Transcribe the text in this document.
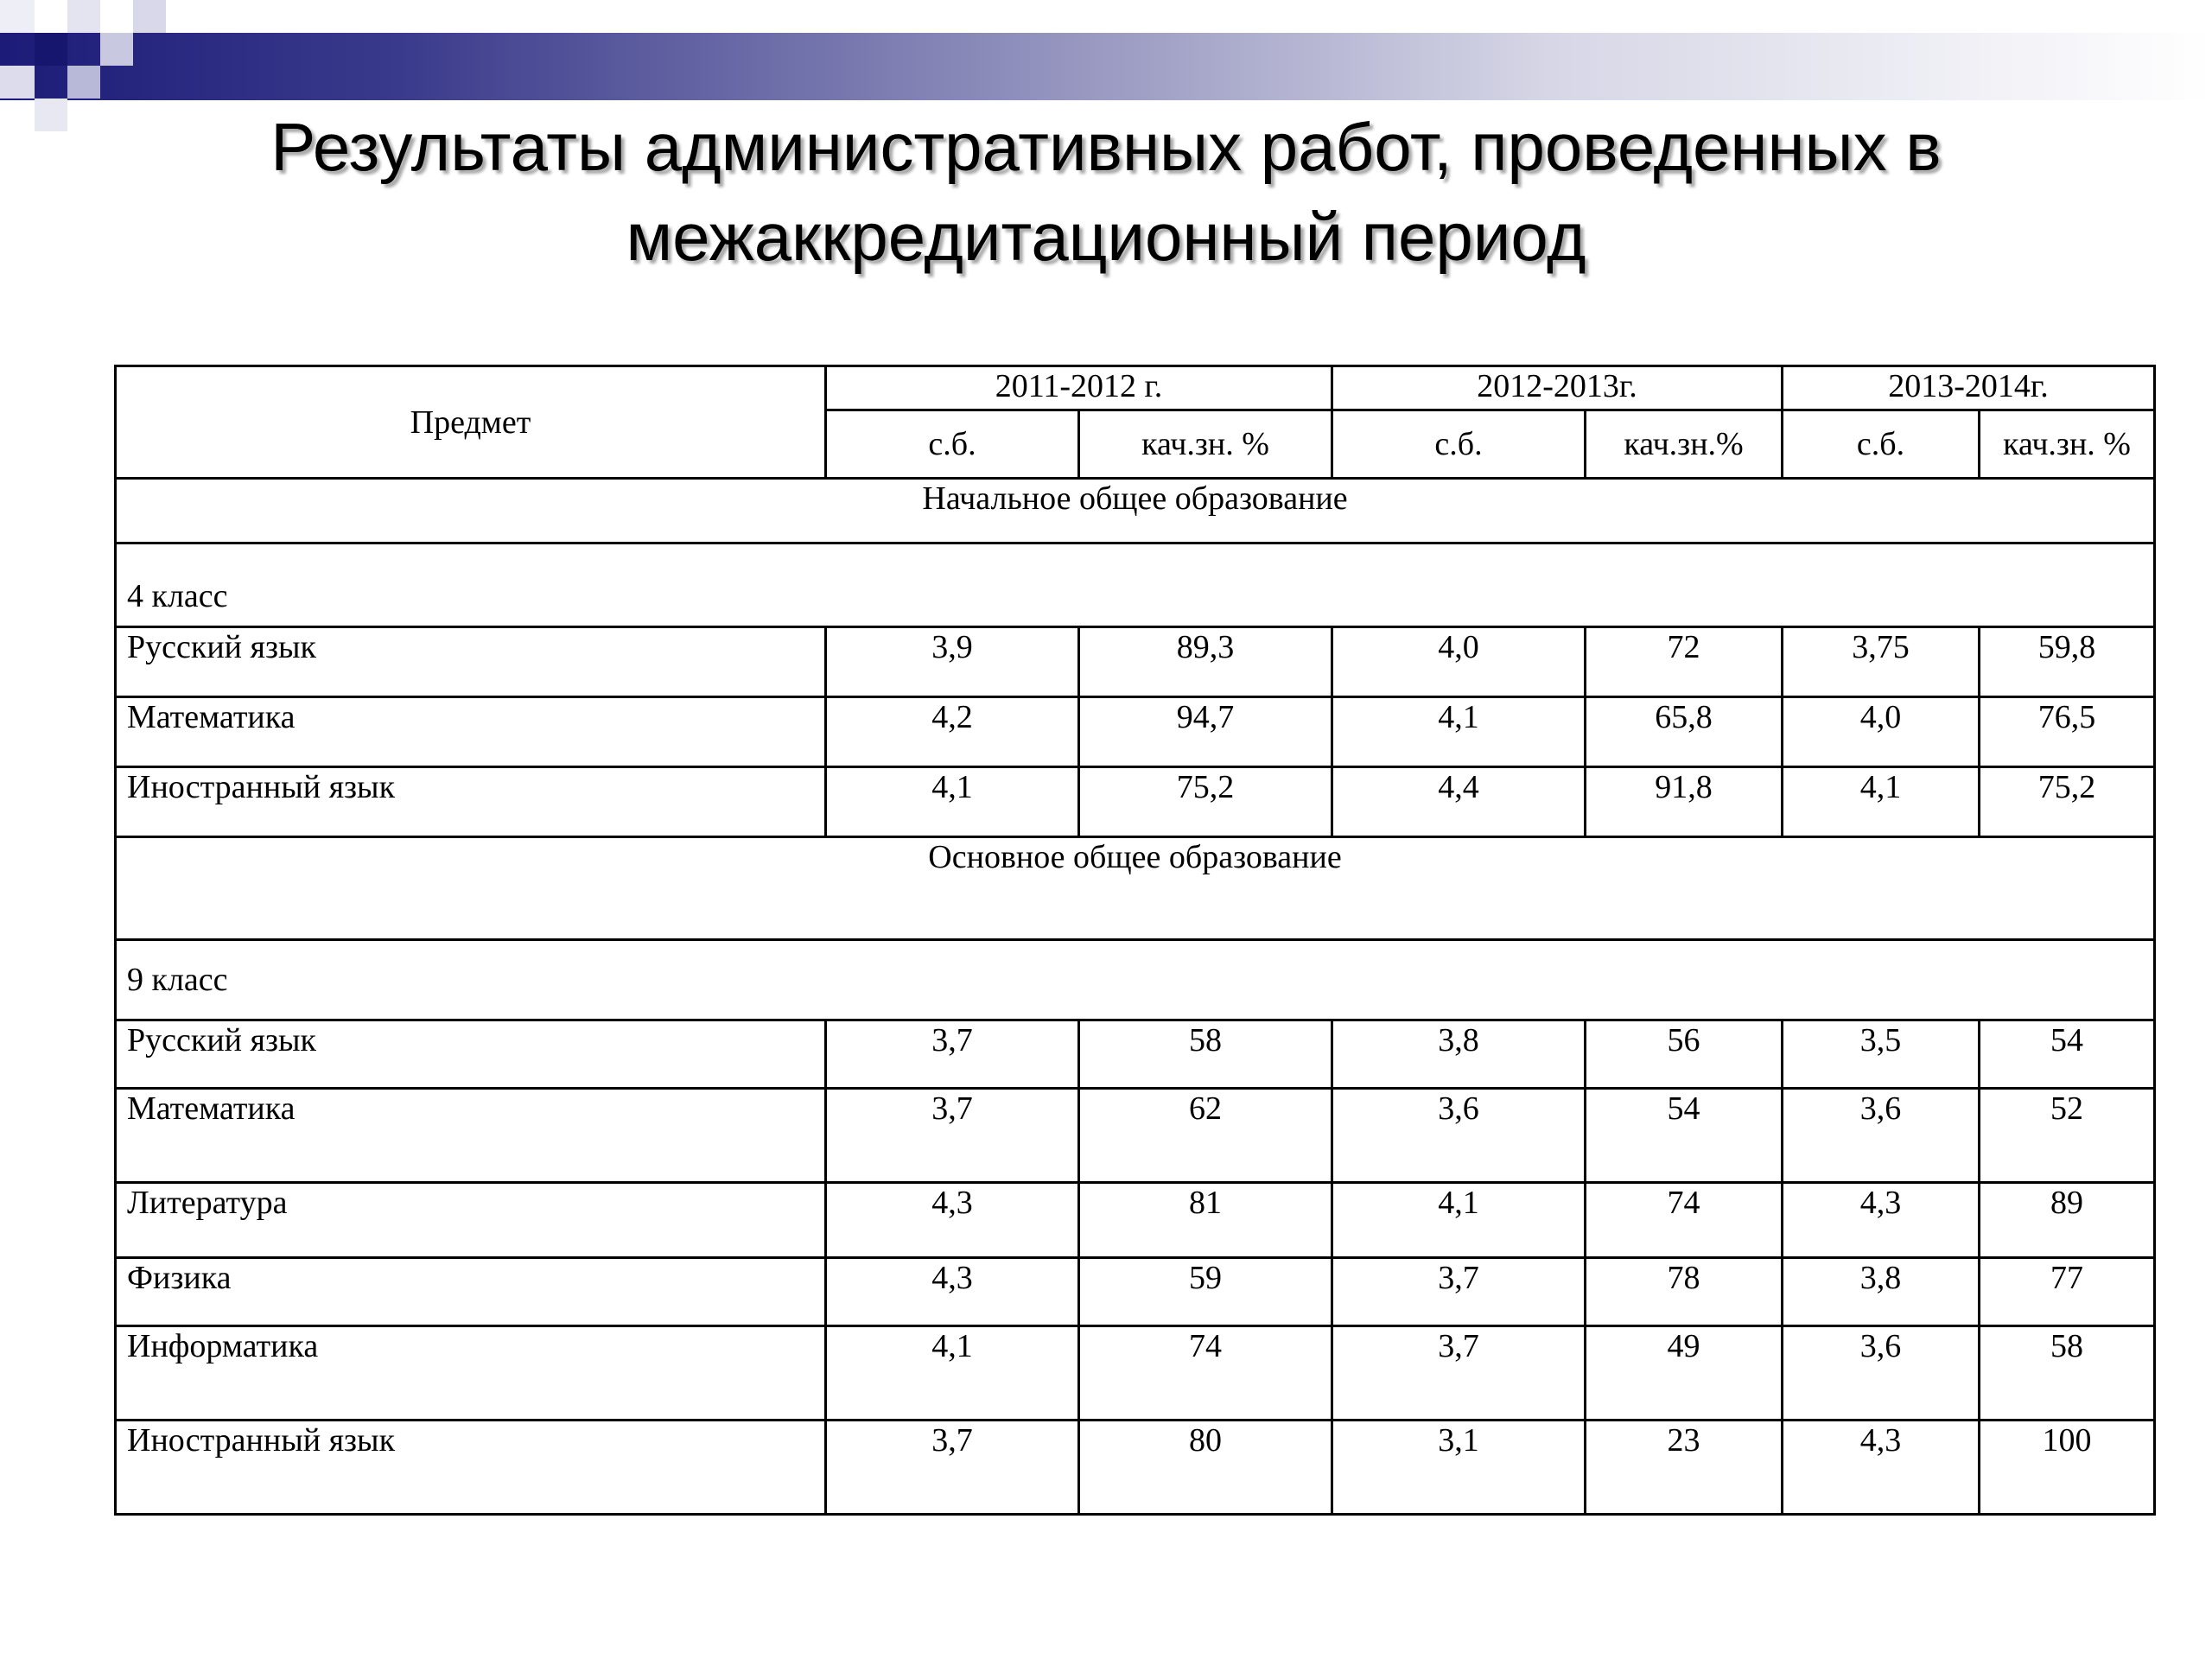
Результаты административных работ, проведенных в
межаккредитационный период
Предмет	2011-2012 г.		2012-2013г.		2013-2014г.	
	с.б.	кач.зн. %	с.б.	кач.зн.%	с.б.	кач.зн. %
Начальное общее образование						
4 класс						
Русский язык	3,9	89,3	4,0	72	3,75	59,8
Математика	4,2	94,7	4,1	65,8	4,0	76,5
Иностранный язык	4,1	75,2	4,4	91,8	4,1	75,2
Основное общее образование						
9 класс						
Русский язык	3,7	58	3,8	56	3,5	54
Математика	3,7	62	3,6	54	3,6	52
Литература	4,3	81	4,1	74	4,3	89
Физика	4,3	59	3,7	78	3,8	77
Информатика	4,1	74	3,7	49	3,6	58
Иностранный язык	3,7	80	3,1	23	4,3	100
